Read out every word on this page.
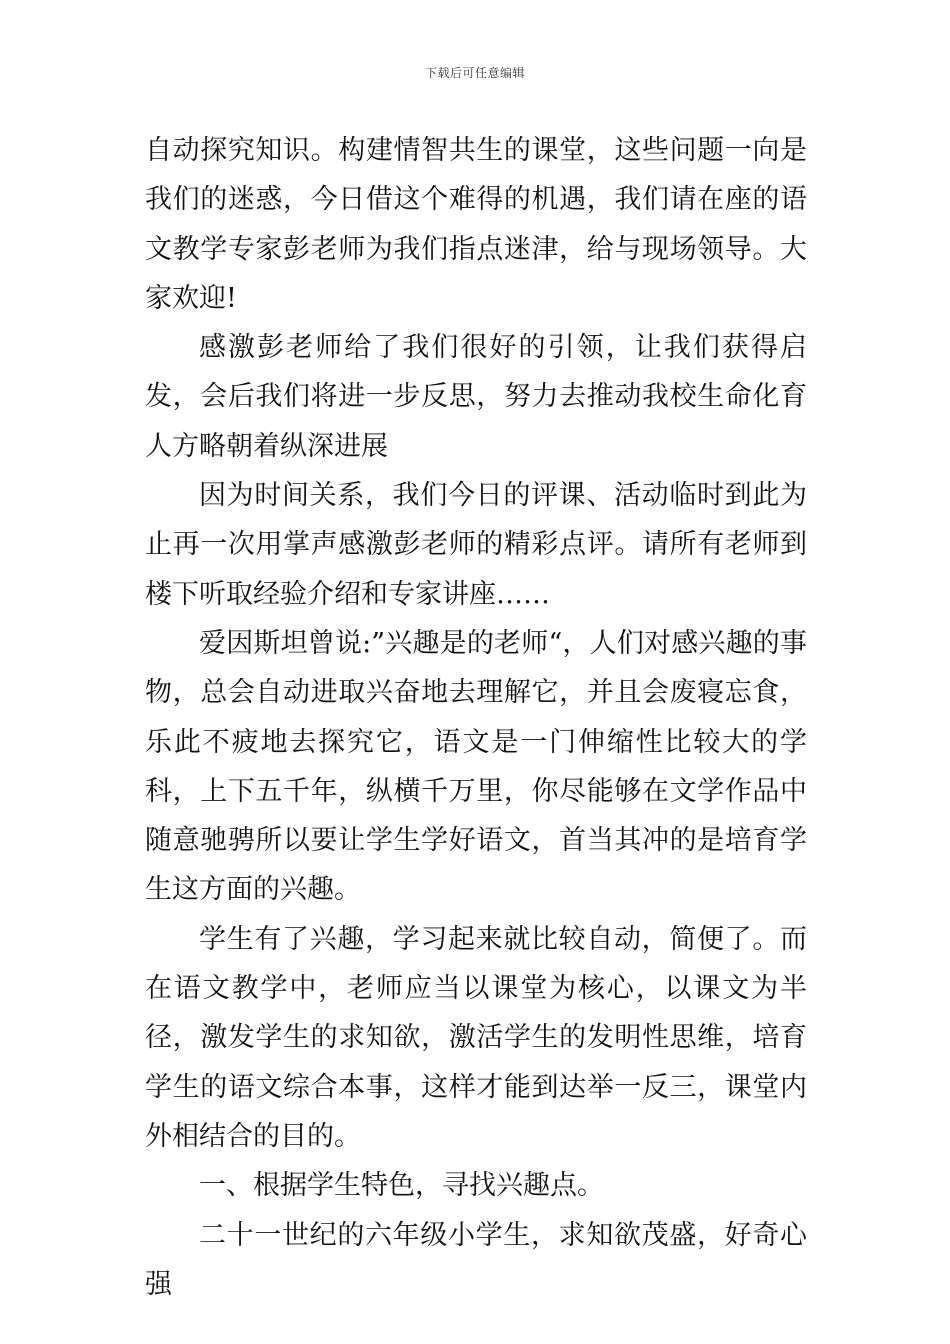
下载后可任意编辑

自动探究知识。构建情智共生的课堂，这些问题一向是我们的迷惑，今日借这个难得的机遇，我们请在座的语文教学专家彭老师为我们指点迷津，给与现场领导。大家欢迎!

感激彭老师给了我们很好的引领，让我们获得启发，会后我们将进一步反思，努力去推动我校生命化育人方略朝着纵深进展

因为时间关系，我们今日的评课、活动临时到此为止再一次用掌声感激彭老师的精彩点评。请所有老师到楼下听取经验介绍和专家讲座……

爱因斯坦曾说:”兴趣是的老师“，人们对感兴趣的事物，总会自动进取兴奋地去理解它，并且会废寝忘食，乐此不疲地去探究它，语文是一门伸缩性比较大的学科，上下五千年，纵横千万里，你尽能够在文学作品中随意驰骋所以要让学生学好语文，首当其冲的是培育学生这方面的兴趣。

学生有了兴趣，学习起来就比较自动，简便了。而在语文教学中，老师应当以课堂为核心，以课文为半径，激发学生的求知欲，激活学生的发明性思维，培育学生的语文综合本事，这样才能到达举一反三，课堂内外相结合的目的。

一、根据学生特色，寻找兴趣点。

二十一世纪的六年级小学生，求知欲茂盛，好奇心强
